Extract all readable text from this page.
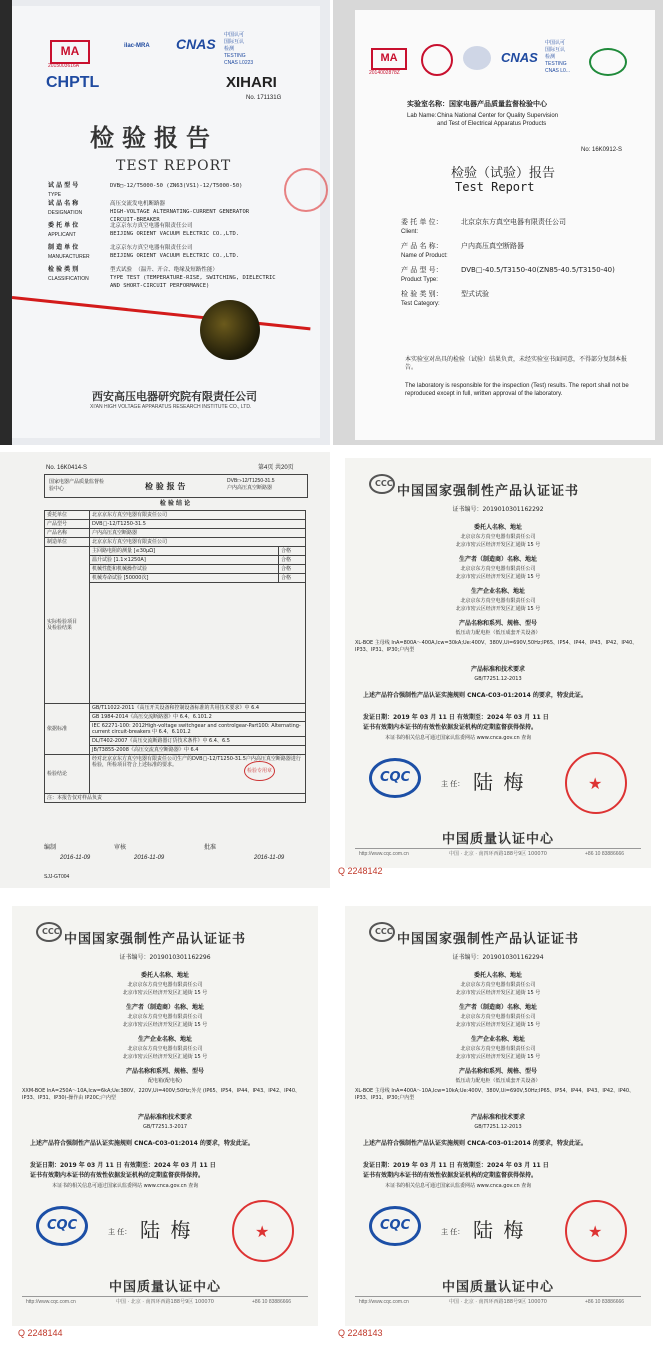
MA
2015003616A
ilac-MRA CNAS
中国认可
国际互认
检测
TESTING
CNAS L0223
CHPTL	XIHARI
No. 171131G
检验报告
TEST REPORT
试 品 型 号
TYPE
DVB□-12/T5000-50 (ZN63(VS1)-12/T5000-50)
试 品 名 称
DESIGNATION
高压交流发电机断路器
HIGH-VOLTAGE ALTERNATING-CURRENT GENERATOR
CIRCUIT-BREAKER
委 托 单 位
APPLICANT
北京京东方真空电器有限责任公司
BEIJING ORIENT VACUUM ELECTRIC CO.,LTD.
制 造 单 位
MANUFACTURER
北京京东方真空电器有限责任公司
BEIJING ORIENT VACUUM ELECTRIC CO.,LTD.
检 验 类 别
CLASSIFICATION
型式试验 （温升、开合、绝缘及短路性能）
TYPE TEST (TEMPERATURE-RISE, SWITCHING, DIELECTRIC
AND SHORT-CIRCUIT PERFORMANCE)
西安高压电器研究院有限责任公司
XI'AN HIGH VOLTAGE APPARATUS RESEARCH INSTITUTE CO., LTD.
MA
2014002878Z
CNAS
中国认可
国际互认
检测
TESTING
CNAS L0...
实验室名称：国家电器产品质量监督检验中心
Lab Name: China National Center for Quality Supervision
and Test of Electrical Apparatus Products
No: 16K0912-S
检验（试验）报告
Test Report
委 托 单 位：
Client:
北京京东方真空电器有限责任公司
产 品 名 称：
Name of Product:
户内高压真空断路器
产 品 型 号：
Product Type:
DVB□-40.5/T3150-40(ZN85-40.5/T3150-40)
检 验 类 别：
Test Category:
型式试验
本实验室对出具的检验（试验）结果负责，未经实验室书面同意，不得部分复制本报告。
The laboratory is responsible for the inspection (Test) results. The report shall not be reproduced except in full, written approval of the laboratory.
No. 16K0414-S	第4页 共20页
国家电器产品质量监督检验中心	检 验 报 告
DVB□-12/T1250-31.5
户内高压真空断路器
检 验 结 论
委托单位	北京京东方真空电器有限责任公司	
产品型号	DVB□-12/T1250-31.5	
产品名称	户内高压真空断路器	
制造单位	北京京东方真空电器有限责任公司	
实际检验项目
及检验结果	主回路电阻的测量 [≤30μΩ]	合格
	温升试验 [1.1×1250A]	合格
	机械性能和机械操作试验	合格
	机械寿命试验 [50000次]	合格

依据标准	GB/T11022-2011《高压开关设备和控制设备标准的共用技术要求》中 6.4	
	GB 1984-2014《高压交流断路器》中 6.4、6.101.2	
	IEC 62271-100: 2012High-voltage switchgear and controlgear-Part100: Alternating-current circuit-breakers 中 6.4、6.101.2	
	DL/T402-2007《高压交流断路器订货技术条件》中 6.4、6.5	
	JB/T3855-2008《高压交流真空断路器》中 6.4	
检验结论	经对北京京东方真空电器有限责任公司生产的DVB□-12/T1250-31.5户内高压真空断路器进行检验，所检项目符合上述标准的要求。
检验专用章	

注：本报告仅对样品负责		
编制	审核	批准
2016-11-09	2016-11-09	2016-11-09
SJJ-GT004
CCC
中国国家强制性产品认证证书
证书编号：2019010301162292
委托人名称、地址
北京京东方真空电器有限责任公司
北京市密云区经济开发区汇通街 15 号
生产者（制造商）名称、地址
北京京东方真空电器有限责任公司
北京市密云区经济开发区汇通街 15 号
生产企业名称、地址
北京京东方真空电器有限责任公司
北京市密云区经济开发区汇通街 15 号
产品名称和系列、规格、型号
低压动力配电柜（低压成套开关设备）
XL-BOE 主母线 InA=800A～400A,Icw=30kA;Ue:400V、380V,Ui=690V,50Hz;IP65、IP54、IP44、IP43、IP42、IP40、IP33、IP31、IP30;户内型
产品标准和技术要求
GB/T7251.12-2013
上述产品符合强制性产品认证实施规则 CNCA-C03-01:2014 的要求，特发此证。
发证日期：2019 年 03 月 11 日 有效期至：2024 年 03 月 11 日
证书有效期内本证书的有效性依据发证机构的定期监督获得保持。
本证书的相关信息可通过国家认监委网站 www.cnca.gov.cn 查询
CQC	主 任： 陆 梅	★
中国质量认证中心
http://www.cqc.com.cn	中国 · 北京 · 南四环西路188号9区 100070	+86 10 83886666
Q 2248142
CCC
中国国家强制性产品认证证书
证书编号：2019010301162296
委托人名称、地址
北京京东方真空电器有限责任公司
北京市密云区经济开发区汇通街 15 号
生产者（制造商）名称、地址
北京京东方真空电器有限责任公司
北京市密云区经济开发区汇通街 15 号
生产企业名称、地址
北京京东方真空电器有限责任公司
北京市密云区经济开发区汇通街 15 号
产品名称和系列、规格、型号
配电箱(配电板)
XXM-BOE InA=250A～10A,Icw=6kA;Ue:380V、220V,Ui=400V;50Hz;外壳 (IP65、IP54、IP44、IP43、IP42、IP40、IP33、IP31、IP30)-操作由 IP20C;户内型
产品标准和技术要求
GB/T7251.3-2017
上述产品符合强制性产品认证实施规则 CNCA-C03-01:2014 的要求，特发此证。
发证日期：2019 年 03 月 11 日 有效期至：2024 年 03 月 11 日
证书有效期内本证书的有效性依据发证机构的定期监督获得保持。
本证书的相关信息可通过国家认监委网站 www.cnca.gov.cn 查询
CQC	主 任： 陆 梅	★
中国质量认证中心
http://www.cqc.com.cn	中国 · 北京 · 南四环西路188号9区 100070	+86 10 83886666
Q 2248144
CCC
中国国家强制性产品认证证书
证书编号：2019010301162294
委托人名称、地址
北京京东方真空电器有限责任公司
北京市密云区经济开发区汇通街 15 号
生产者（制造商）名称、地址
北京京东方真空电器有限责任公司
北京市密云区经济开发区汇通街 15 号
生产企业名称、地址
北京京东方真空电器有限责任公司
北京市密云区经济开发区汇通街 15 号
产品名称和系列、规格、型号
低压动力配电柜（低压成套开关设备）
XL-BOE 主母线 InA=400A～10A,Icw=10kA;Ue:400V、380V,Ui=690V,50Hz;IP65、IP54、IP44、IP43、IP42、IP40、IP33、IP31、IP30;户内型
产品标准和技术要求
GB/T7251.12-2013
上述产品符合强制性产品认证实施规则 CNCA-C03-01:2014 的要求，特发此证。
发证日期：2019 年 03 月 11 日 有效期至：2024 年 03 月 11 日
证书有效期内本证书的有效性依据发证机构的定期监督获得保持。
本证书的相关信息可通过国家认监委网站 www.cnca.gov.cn 查询
CQC	主 任： 陆 梅	★
中国质量认证中心
http://www.cqc.com.cn	中国 · 北京 · 南四环西路188号9区 100070	+86 10 83886666
Q 2248143
